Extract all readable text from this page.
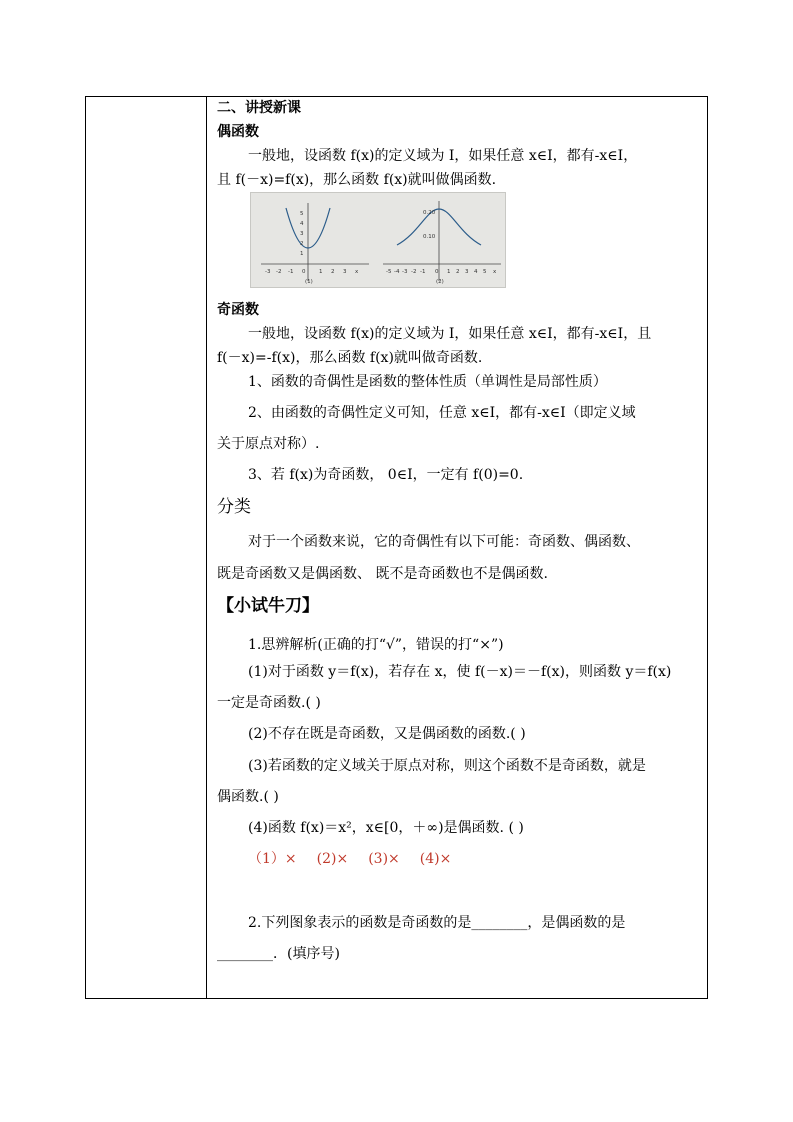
二、讲授新课
偶函数
一般地，设函数 f(x)的定义域为 I，如果任意 x∈I，都有-x∈I，
且 f(－x)=f(x)，那么函数 f(x)就叫做偶函数.
-3 -2 -1 0 1 2 3 x
5
4
3
2
1
(1)
-5 -4 -3 -2 -1 0 1 2 3 4 5 x
0.20
0.10
(2)
奇函数
一般地，设函数 f(x)的定义域为 I，如果任意 x∈I，都有-x∈I，且
f(－x)=-f(x)，那么函数 f(x)就叫做奇函数.
1、函数的奇偶性是函数的整体性质（单调性是局部性质）
2、由函数的奇偶性定义可知，任意 x∈I，都有-x∈I（即定义域
关于原点对称）.
3、若 f(x)为奇函数， 0∈I，一定有 f(0)=0.
分类
对于一个函数来说，它的奇偶性有以下可能：奇函数、偶函数、
既是奇函数又是偶函数、 既不是奇函数也不是偶函数.
【小试牛刀】
1.思辨解析(正确的打“√”，错误的打“×”)
(1)对于函数 y＝f(x)，若存在 x，使 f(－x)＝－f(x)，则函数 y＝f(x)
一定是奇函数.( )
(2)不存在既是奇函数，又是偶函数的函数.( )
(3)若函数的定义域关于原点对称，则这个函数不是奇函数，就是
偶函数.( )
(4)函数 f(x)＝x²，x∈[0，＋∞)是偶函数. ( )
（1）× (2)× (3)× (4)×
2.下列图象表示的函数是奇函数的是________，是偶函数的是
________．(填序号)
